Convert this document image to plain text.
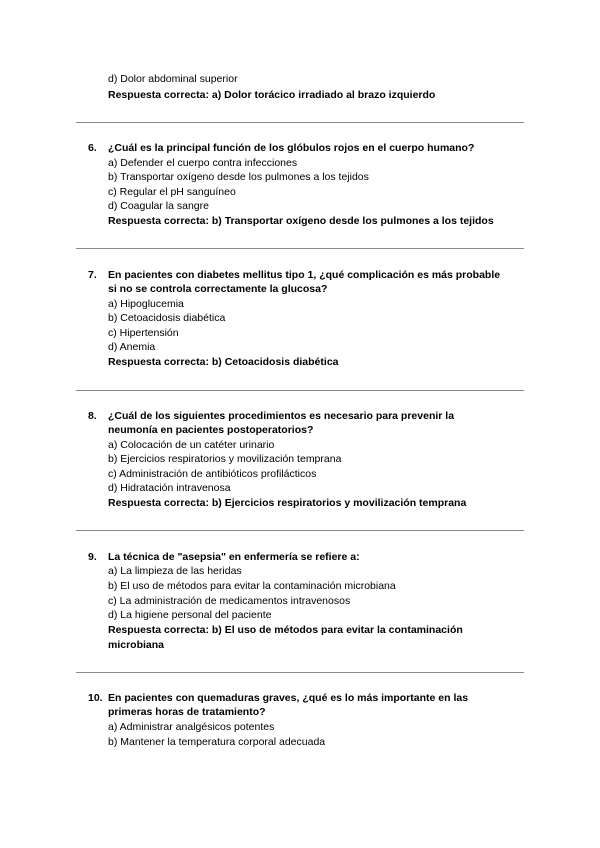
d) Dolor abdominal superior
Respuesta correcta: a) Dolor torácico irradiado al brazo izquierdo
6. ¿Cuál es la principal función de los glóbulos rojos en el cuerpo humano?
a) Defender el cuerpo contra infecciones
b) Transportar oxígeno desde los pulmones a los tejidos
c) Regular el pH sanguíneo
d) Coagular la sangre
Respuesta correcta: b) Transportar oxígeno desde los pulmones a los tejidos
7. En pacientes con diabetes mellitus tipo 1, ¿qué complicación es más probable
si no se controla correctamente la glucosa?
a) Hipoglucemia
b) Cetoacidosis diabética
c) Hipertensión
d) Anemia
Respuesta correcta: b) Cetoacidosis diabética
8. ¿Cuál de los siguientes procedimientos es necesario para prevenir la
neumonía en pacientes postoperatorios?
a) Colocación de un catéter urinario
b) Ejercicios respiratorios y movilización temprana
c) Administración de antibióticos profilácticos
d) Hidratación intravenosa
Respuesta correcta: b) Ejercicios respiratorios y movilización temprana
9. La técnica de "asepsia" en enfermería se refiere a:
a) La limpieza de las heridas
b) El uso de métodos para evitar la contaminación microbiana
c) La administración de medicamentos intravenosos
d) La higiene personal del paciente
Respuesta correcta: b) El uso de métodos para evitar la contaminación
microbiana
10. En pacientes con quemaduras graves, ¿qué es lo más importante en las
primeras horas de tratamiento?
a) Administrar analgésicos potentes
b) Mantener la temperatura corporal adecuada
